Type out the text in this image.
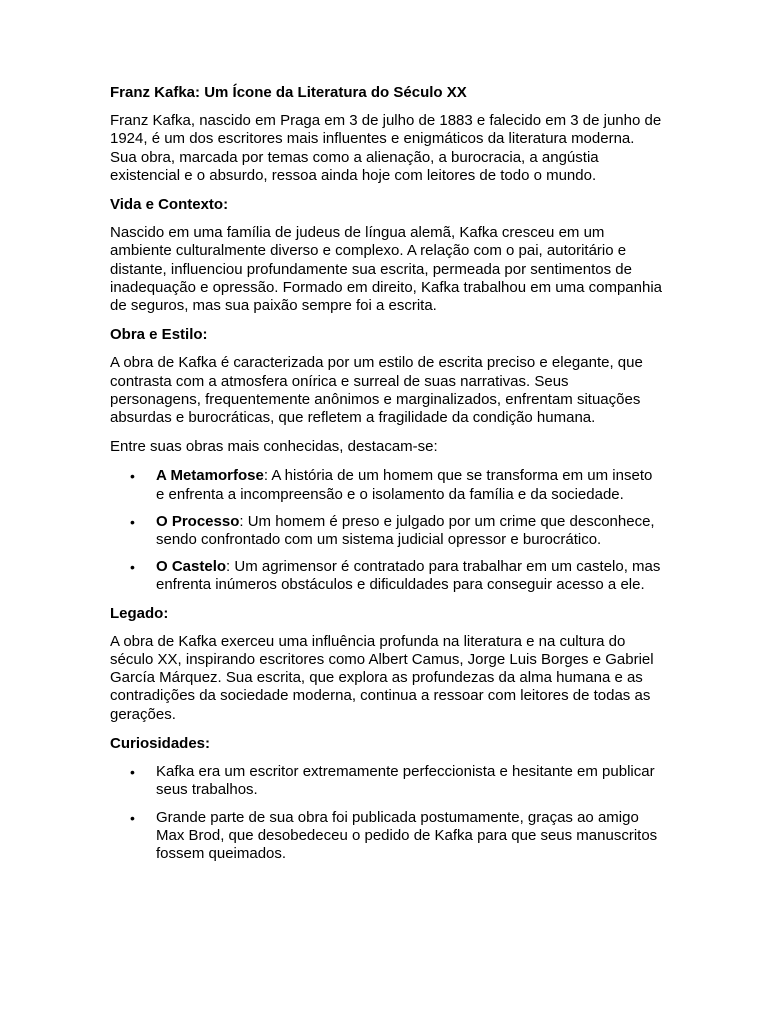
Franz Kafka: Um Ícone da Literatura do Século XX

Franz Kafka, nascido em Praga em 3 de julho de 1883 e falecido em 3 de junho de 1924, é um dos escritores mais influentes e enigmáticos da literatura moderna. Sua obra, marcada por temas como a alienação, a burocracia, a angústia existencial e o absurdo, ressoa ainda hoje com leitores de todo o mundo.

Vida e Contexto:

Nascido em uma família de judeus de língua alemã, Kafka cresceu em um ambiente culturalmente diverso e complexo. A relação com o pai, autoritário e distante, influenciou profundamente sua escrita, permeada por sentimentos de inadequação e opressão. Formado em direito, Kafka trabalhou em uma companhia de seguros, mas sua paixão sempre foi a escrita.

Obra e Estilo:

A obra de Kafka é caracterizada por um estilo de escrita preciso e elegante, que contrasta com a atmosfera onírica e surreal de suas narrativas. Seus personagens, frequentemente anônimos e marginalizados, enfrentam situações absurdas e burocráticas, que refletem a fragilidade da condição humana.

Entre suas obras mais conhecidas, destacam-se:

• A Metamorfose: A história de um homem que se transforma em um inseto e enfrenta a incompreensão e o isolamento da família e da sociedade.
• O Processo: Um homem é preso e julgado por um crime que desconhece, sendo confrontado com um sistema judicial opressor e burocrático.
• O Castelo: Um agrimensor é contratado para trabalhar em um castelo, mas enfrenta inúmeros obstáculos e dificuldades para conseguir acesso a ele.
Legado:

A obra de Kafka exerceu uma influência profunda na literatura e na cultura do século XX, inspirando escritores como Albert Camus, Jorge Luis Borges e Gabriel García Márquez. Sua escrita, que explora as profundezas da alma humana e as contradições da sociedade moderna, continua a ressoar com leitores de todas as gerações.

Curiosidades:
• Kafka era um escritor extremamente perfeccionista e hesitante em publicar seus trabalhos.
• Grande parte de sua obra foi publicada postumamente, graças ao amigo Max Brod, que desobedeceu o pedido de Kafka para que seus manuscritos fossem queimados.
